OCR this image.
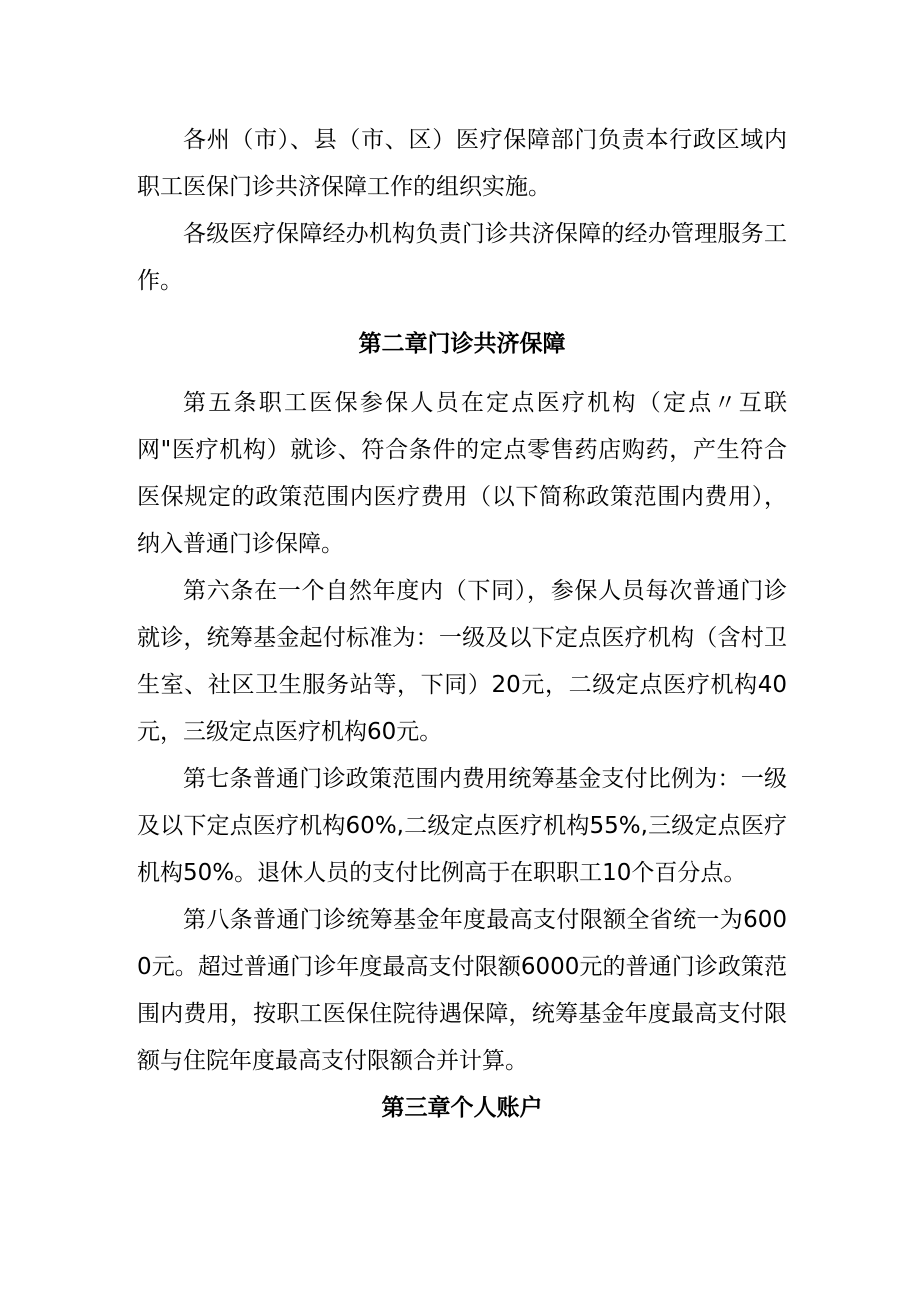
各州（市）、县（市、区）医疗保障部门负责本行政区域内职工医保门诊共济保障工作的组织实施。

各级医疗保障经办机构负责门诊共济保障的经办管理服务工作。

第二章门诊共济保障

第五条职工医保参保人员在定点医疗机构（定点〃互联网"医疗机构）就诊、符合条件的定点零售药店购药，产生符合医保规定的政策范围内医疗费用（以下简称政策范围内费用），纳入普通门诊保障。

第六条在一个自然年度内（下同），参保人员每次普通门诊就诊，统筹基金起付标准为：一级及以下定点医疗机构（含村卫生室、社区卫生服务站等，下同）20元，二级定点医疗机构40元，三级定点医疗机构60元。

第七条普通门诊政策范围内费用统筹基金支付比例为：一级及以下定点医疗机构60%,二级定点医疗机构55%,三级定点医疗机构50%。退休人员的支付比例高于在职职工10个百分点。

第八条普通门诊统筹基金年度最高支付限额全省统一为6000元。超过普通门诊年度最高支付限额6000元的普通门诊政策范围内费用，按职工医保住院待遇保障，统筹基金年度最高支付限额与住院年度最高支付限额合并计算。

第三章个人账户
